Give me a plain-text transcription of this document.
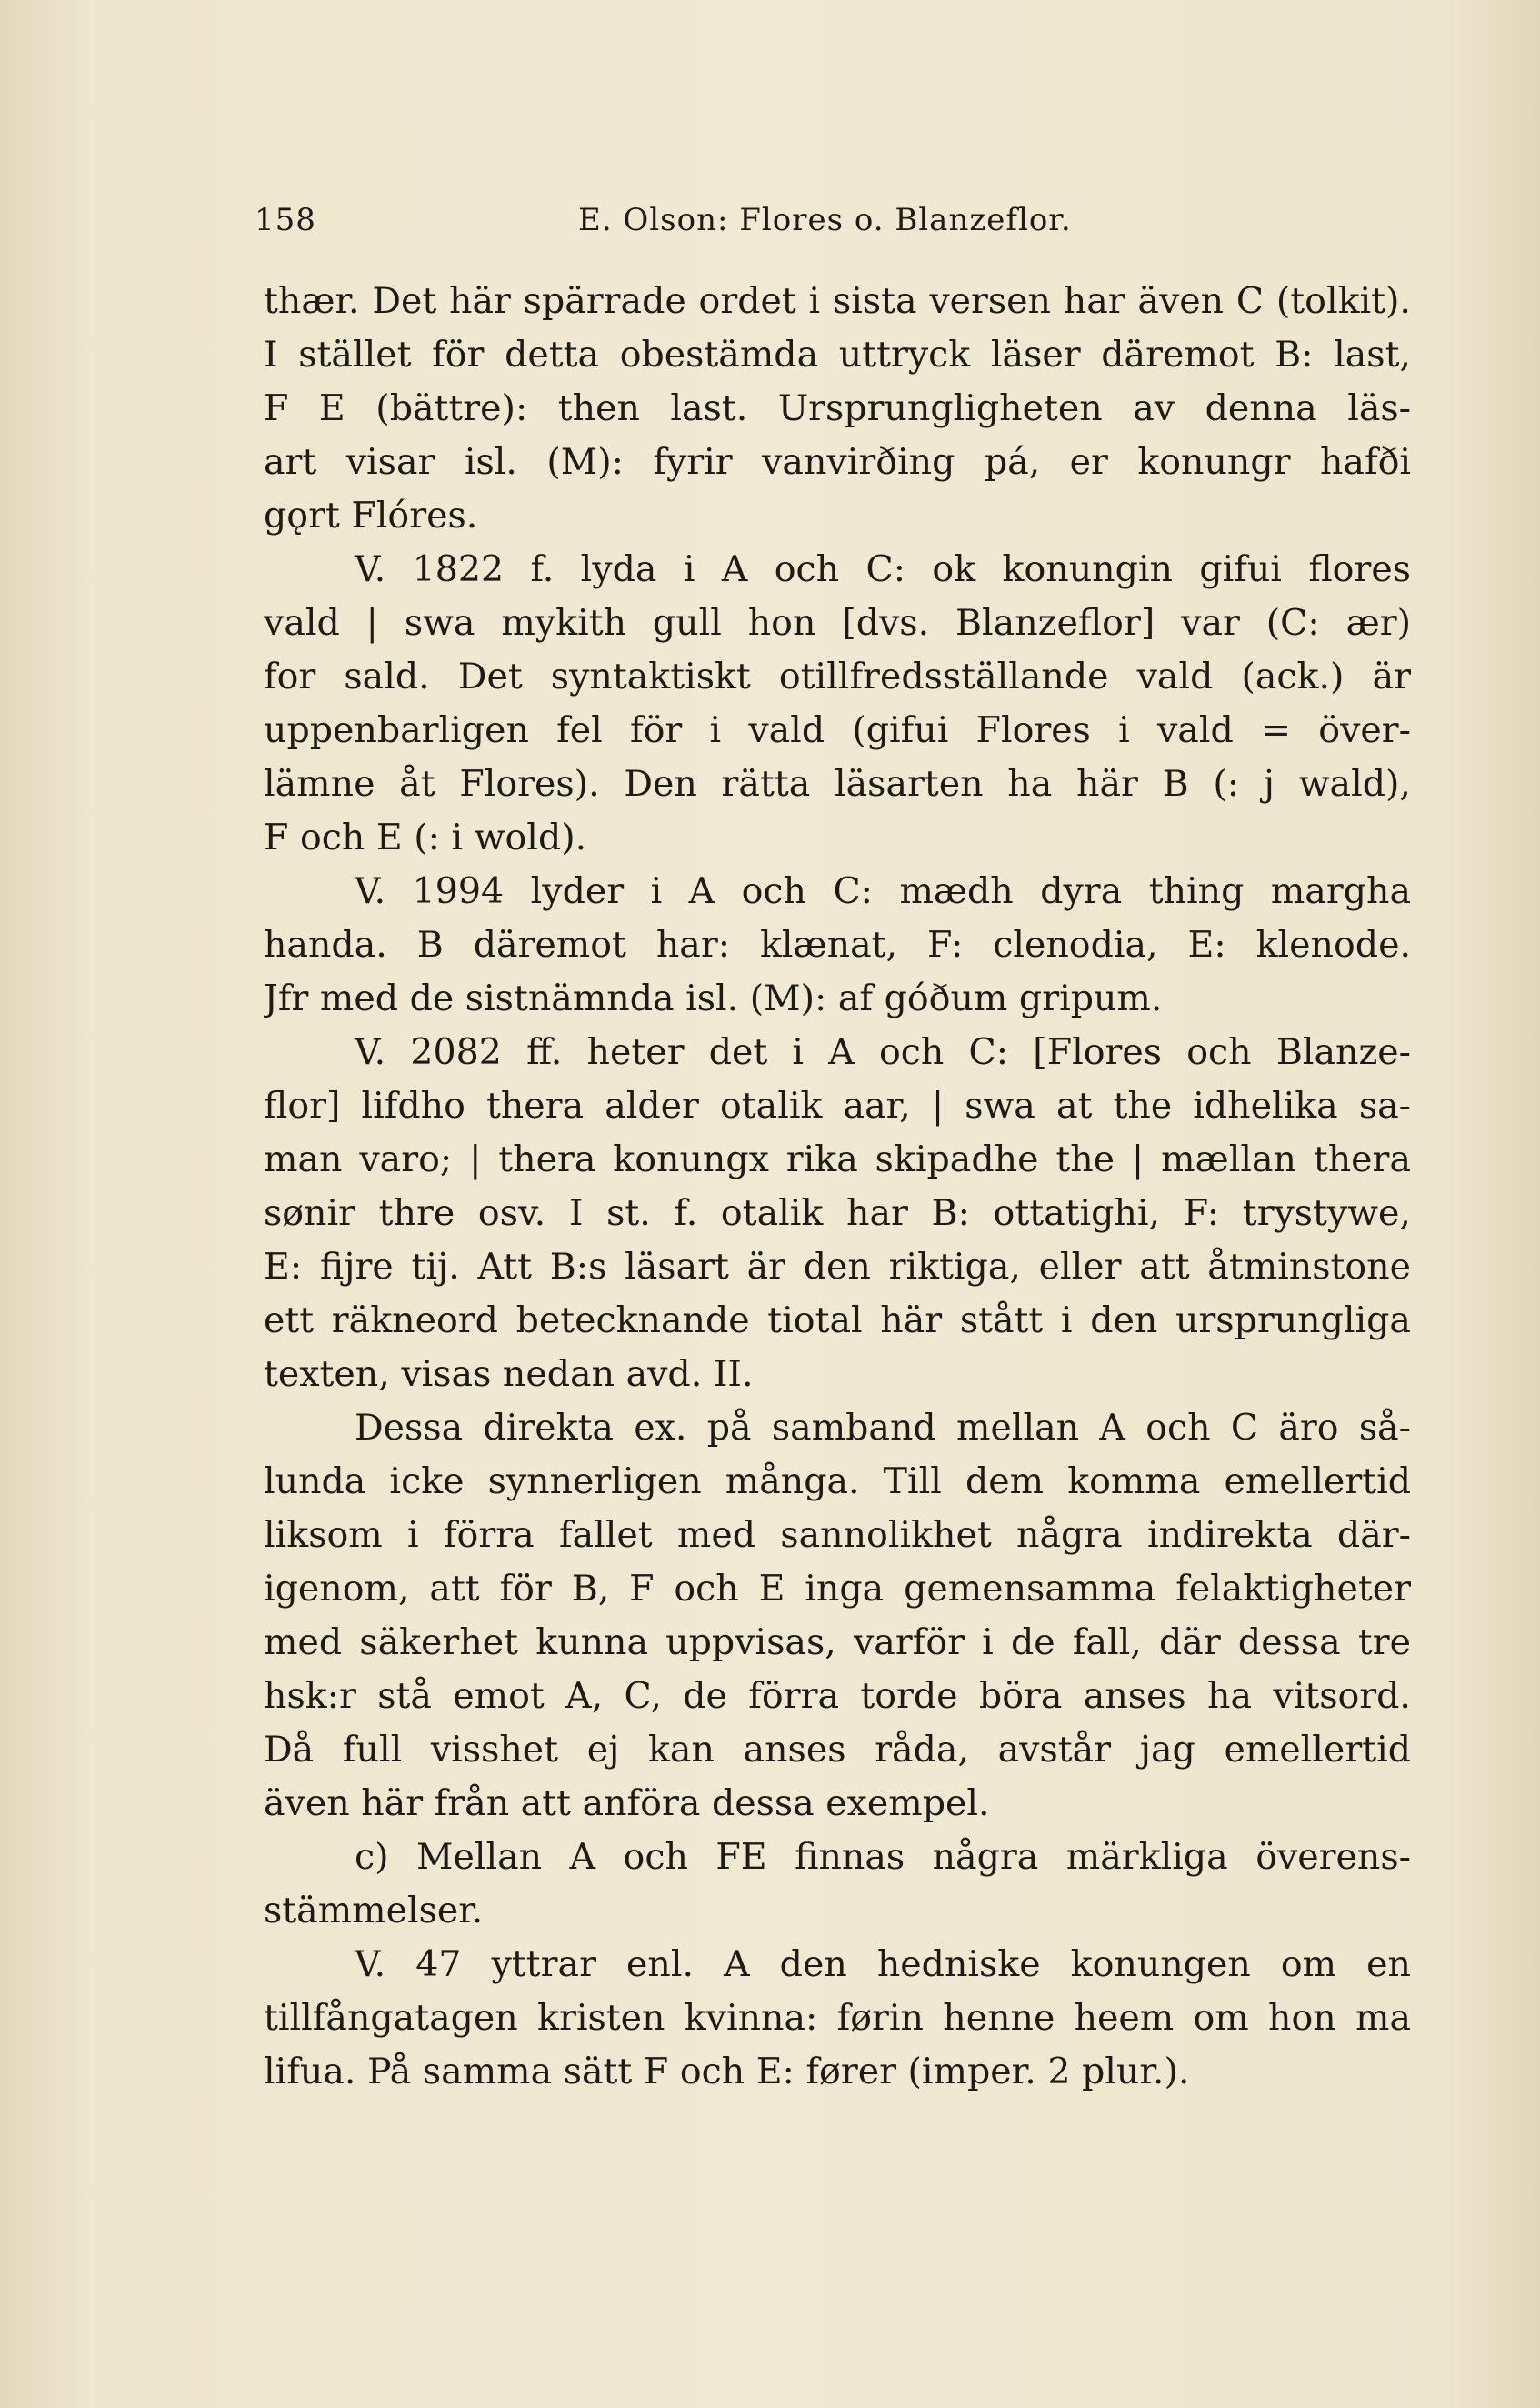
158	E. Olson: Flores o. Blanzeflor.
thær. Det här spärrade ordet i sista versen har även C (tolkit).
I stället för detta obestämda uttryck läser däremot B: last,
F E (bättre): then last. Ursprungligheten av denna läs-
art visar isl. (M): fyrir vanvirðing pá, er konungr hafði
gǫrt Flóres.
V. 1822 f. lyda i A och C: ok konungin gifui flores
vald | swa mykith gull hon [dvs. Blanzeflor] var (C: ær)
for sald. Det syntaktiskt otillfredsställande vald (ack.) är
uppenbarligen fel för i vald (gifui Flores i vald = över-
lämne åt Flores). Den rätta läsarten ha här B (: j wald),
F och E (: i wold).
V. 1994 lyder i A och C: mædh dyra thing margha
handa. B däremot har: klænat, F: clenodia, E: klenode.
Jfr med de sistnämnda isl. (M): af góðum gripum.
V. 2082 ff. heter det i A och C: [Flores och Blanze-
flor] lifdho thera alder otalik aar, | swa at the idhelika sa-
man varo; | thera konungx rika skipadhe the | mællan thera
sønir thre osv. I st. f. otalik har B: ottatighi, F: trystywe,
E: fijre tij. Att B:s läsart är den riktiga, eller att åtminstone
ett räkneord betecknande tiotal här stått i den ursprungliga
texten, visas nedan avd. II.
Dessa direkta ex. på samband mellan A och C äro så-
lunda icke synnerligen många. Till dem komma emellertid
liksom i förra fallet med sannolikhet några indirekta där-
igenom, att för B, F och E inga gemensamma felaktigheter
med säkerhet kunna uppvisas, varför i de fall, där dessa tre
hsk:r stå emot A, C, de förra torde böra anses ha vitsord.
Då full visshet ej kan anses råda, avstår jag emellertid
även här från att anföra dessa exempel.
c) Mellan A och FE finnas några märkliga överens-
stämmelser.
V. 47 yttrar enl. A den hedniske konungen om en
tillfångatagen kristen kvinna: førin henne heem om hon ma
lifua. På samma sätt F och E: fører (imper. 2 plur.).
